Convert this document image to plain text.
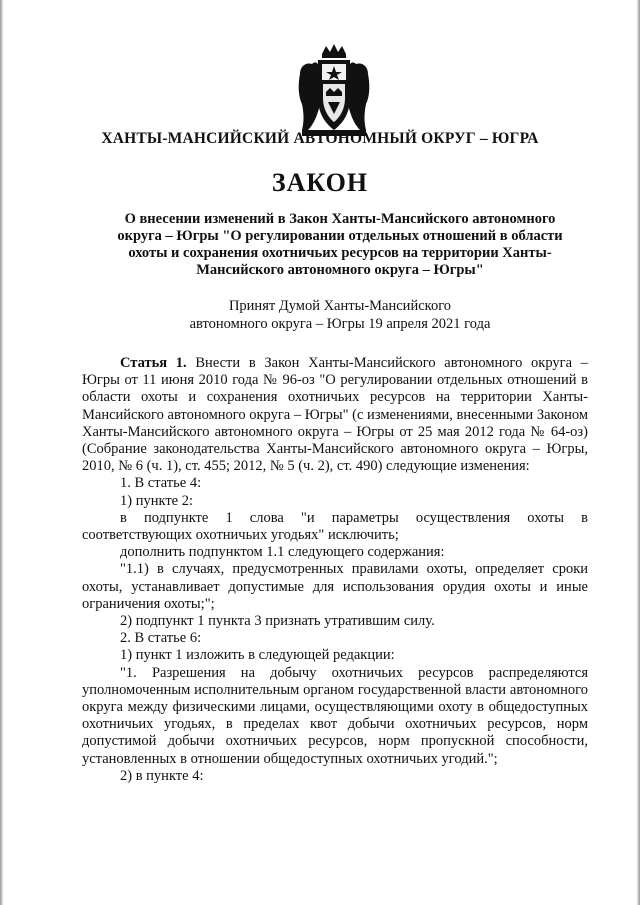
ХАНТЫ-МАНСИЙСКИЙ АВТОНОМНЫЙ ОКРУГ – ЮГРА
ЗАКОН
О внесении изменений в Закон Ханты-Мансийского автономного округа – Югры "О регулировании отдельных отношений в области охоты и сохранения охотничьих ресурсов на территории Ханты-Мансийского автономного округа – Югры"
Принят Думой Ханты-Мансийского
автономного округа – Югры 19 апреля 2021 года

Статья 1. Внести в Закон Ханты-Мансийского автономного округа – Югры от 11 июня 2010 года № 96-оз "О регулировании отдельных отношений в области охоты и сохранения охотничьих ресурсов на территории Ханты-Мансийского автономного округа – Югры" (с изменениями, внесенными Законом Ханты-Мансийского автономного округа – Югры от 25 мая 2012 года № 64-оз) (Собрание законодательства Ханты-Мансийского автономного округа – Югры, 2010, № 6 (ч. 1), ст. 455; 2012, № 5 (ч. 2), ст. 490) следующие изменения:

1. В статье 4:

1) пункте 2:

в подпункте 1 слова "и параметры осуществления охоты в соответствующих охотничьих угодьях" исключить;

дополнить подпунктом 1.1 следующего содержания:

"1.1) в случаях, предусмотренных правилами охоты, определяет сроки охоты, устанавливает допустимые для использования орудия охоты и иные ограничения охоты;";

2) подпункт 1 пункта 3 признать утратившим силу.

2. В статье 6:

1) пункт 1 изложить в следующей редакции:

"1. Разрешения на добычу охотничьих ресурсов распределяются уполномоченным исполнительным органом государственной власти автономного округа между физическими лицами, осуществляющими охоту в общедоступных охотничьих угодьях, в пределах квот добычи охотничьих ресурсов, норм допустимой добычи охотничьих ресурсов, норм пропускной способности, установленных в отношении общедоступных охотничьих угодий.";

2) в пункте 4:
